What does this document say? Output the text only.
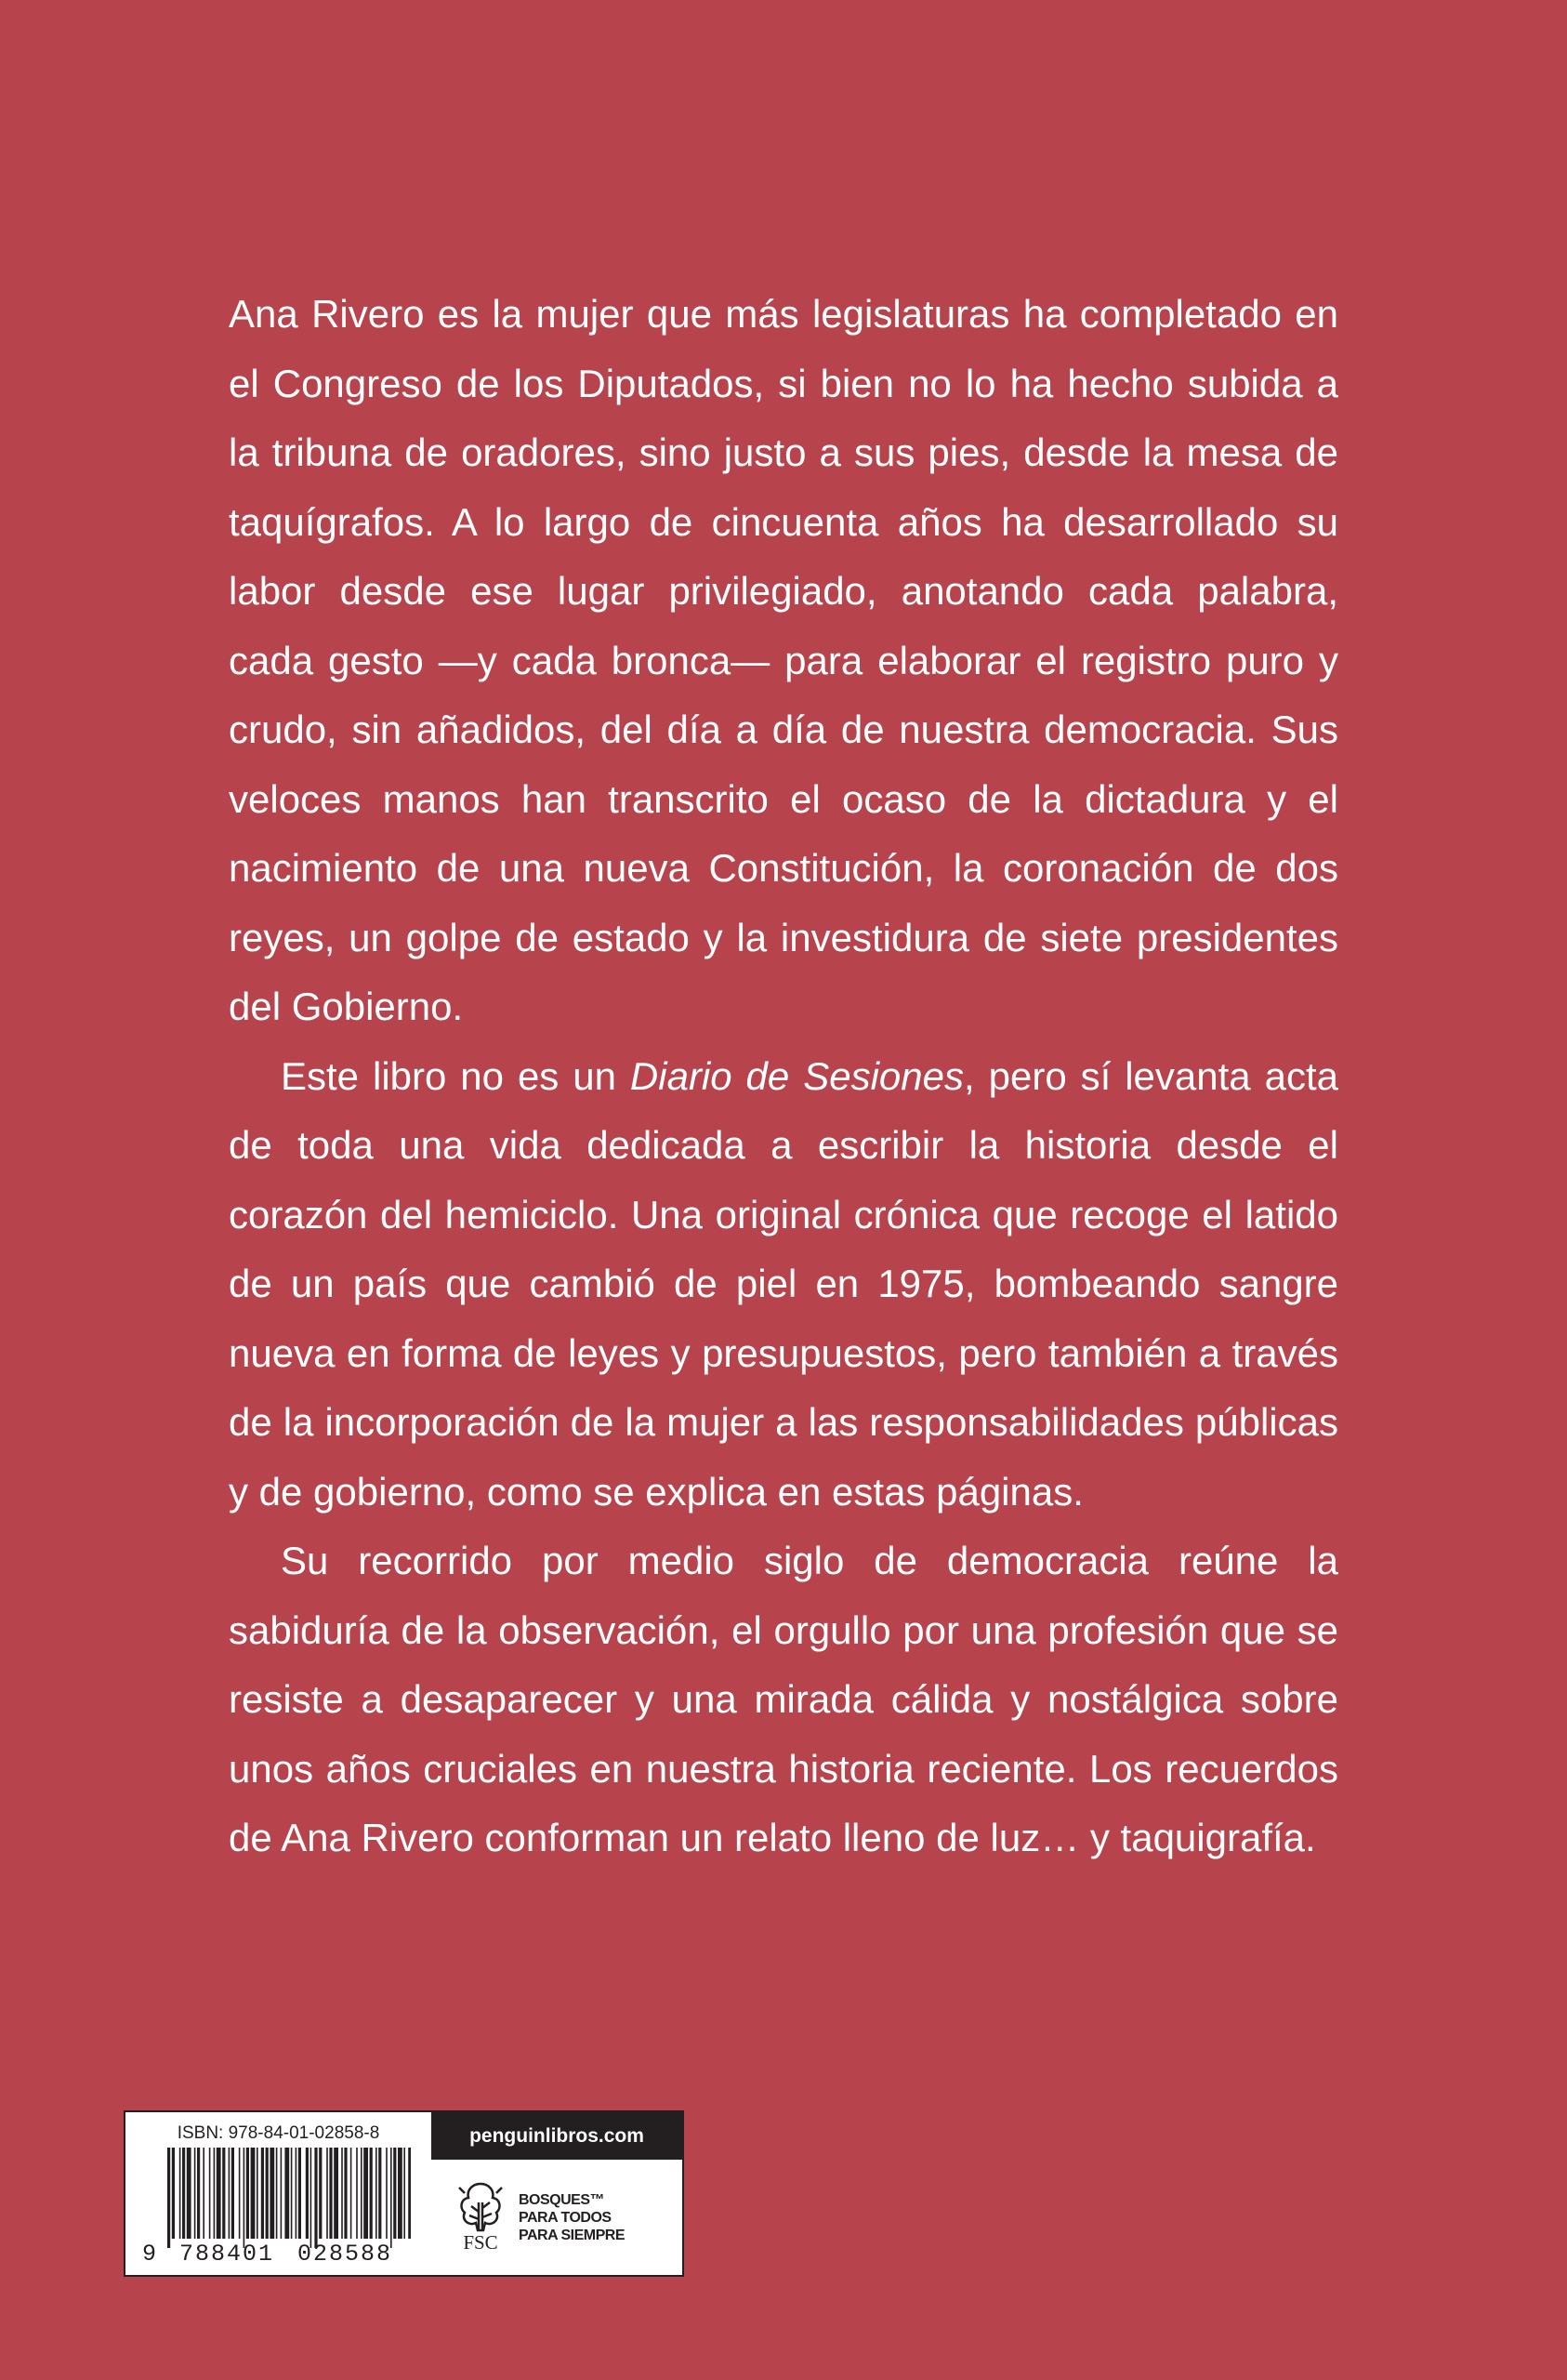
Ana Rivero es la mujer que más legislaturas ha completado en el Congreso de los Diputados, si bien no lo ha hecho subida a la tribuna de oradores, sino justo a sus pies, desde la mesa de taquígrafos. A lo largo de cincuenta años ha desarrollado su labor desde ese lugar privilegiado, anotando cada palabra, cada gesto —y cada bronca— para elaborar el registro puro y crudo, sin añadidos, del día a día de nuestra democracia. Sus veloces manos han transcrito el ocaso de la dictadura y el nacimiento de una nueva Constitución, la coronación de dos reyes, un golpe de estado y la investidura de siete presidentes del Gobierno.

Este libro no es un Diario de Sesiones, pero sí levanta acta de toda una vida dedicada a escribir la historia desde el corazón del hemiciclo. Una original crónica que recoge el latido de un país que cambió de piel en 1975, bombeando sangre nueva en forma de leyes y presupuestos, pero también a través de la incorporación de la mujer a las responsabilidades públicas y de gobierno, como se explica en estas páginas.

Su recorrido por medio siglo de democracia reúne la sabiduría de la observación, el orgullo por una profesión que se resiste a desaparecer y una mirada cálida y nostálgica sobre unos años cruciales en nuestra historia reciente. Los recuerdos de Ana Rivero conforman un relato lleno de luz… y taquigrafía.

ISBN: 978-84-01-02858-8
9 788401 028588
penguinlibros.com
FSC
BOSQUES™
PARA TODOS
PARA SIEMPRE
